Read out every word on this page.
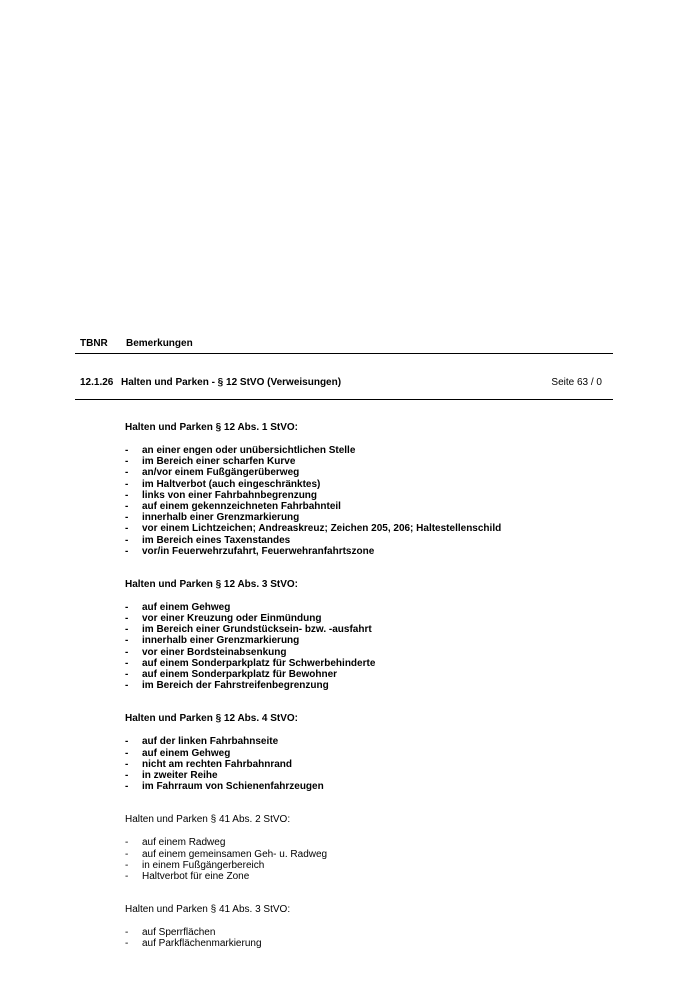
TBNR Bemerkungen
12.1.26 Halten und Parken - § 12 StVO (Verweisungen)	Seite 63 / 0
Halten und Parken § 12 Abs. 1 StVO:
- an einer engen oder unübersichtlichen Stelle
- im Bereich einer scharfen Kurve
- an/vor einem Fußgängerüberweg
- im Haltverbot (auch eingeschränktes)
- links von einer Fahrbahnbegrenzung
- auf einem gekennzeichneten Fahrbahnteil
- innerhalb einer Grenzmarkierung
- vor einem Lichtzeichen; Andreaskreuz; Zeichen 205, 206; Haltestellenschild
- im Bereich eines Taxenstandes
- vor/in Feuerwehrzufahrt, Feuerwehranfahrtszone
Halten und Parken § 12 Abs. 3 StVO:
- auf einem Gehweg
- vor einer Kreuzung oder Einmündung
- im Bereich einer Grundstücksein- bzw. -ausfahrt
- innerhalb einer Grenzmarkierung
- vor einer Bordsteinabsenkung
- auf einem Sonderparkplatz für Schwerbehinderte
- auf einem Sonderparkplatz für Bewohner
- im Bereich der Fahrstreifenbegrenzung
Halten und Parken § 12 Abs. 4 StVO:
- auf der linken Fahrbahnseite
- auf einem Gehweg
- nicht am rechten Fahrbahnrand
- in zweiter Reihe
- im Fahrraum von Schienenfahrzeugen
Halten und Parken § 41 Abs. 2 StVO:
- auf einem Radweg
- auf einem gemeinsamen Geh- u. Radweg
- in einem Fußgängerbereich
- Haltverbot für eine Zone
Halten und Parken § 41 Abs. 3 StVO:
- auf Sperrflächen
- auf Parkflächenmarkierung
